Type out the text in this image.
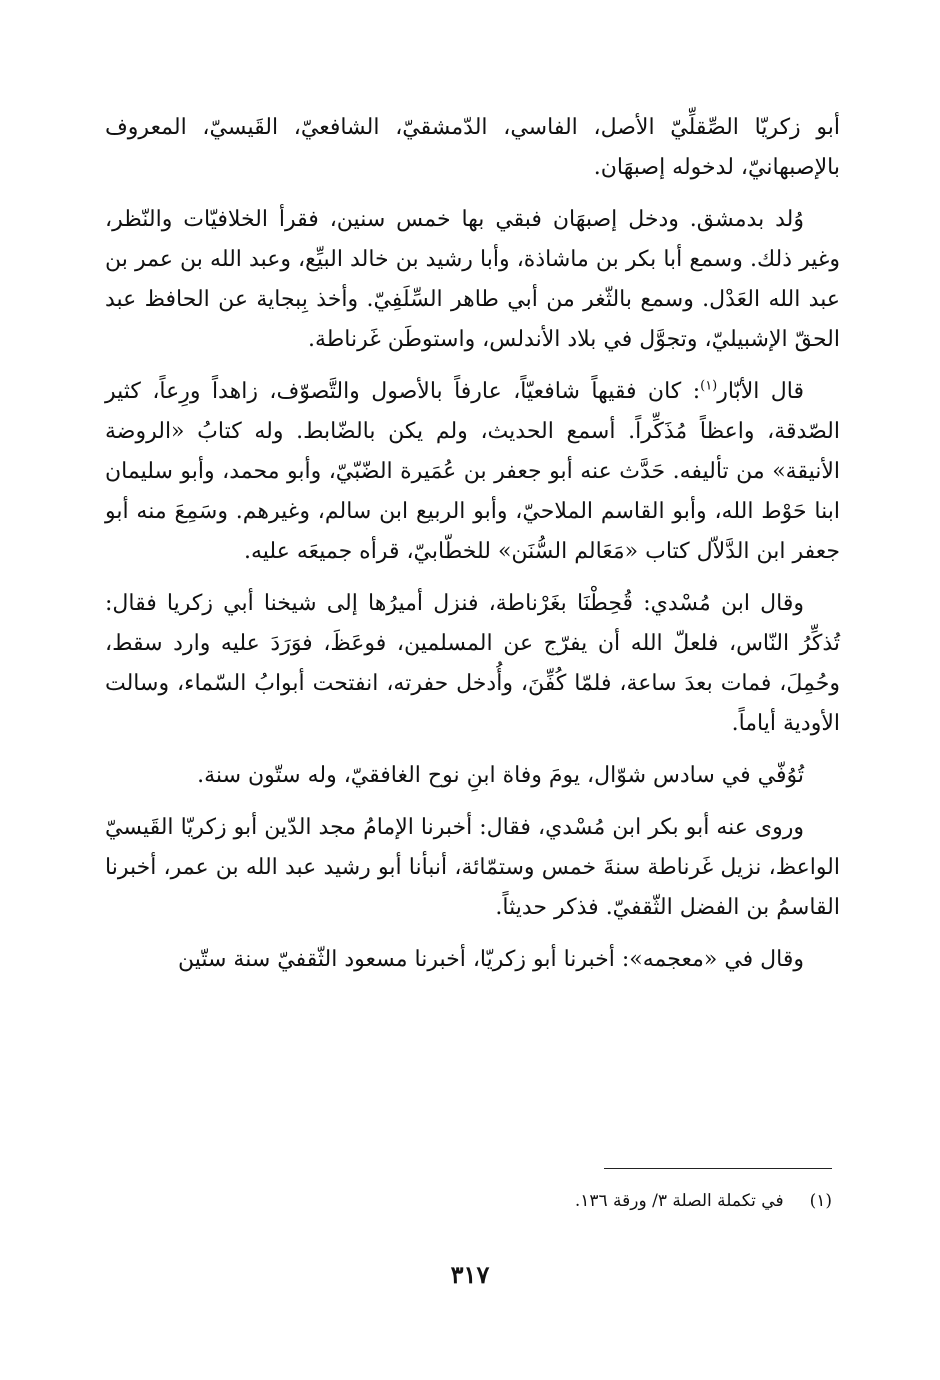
أبو زكريّا الصِّقلِّيّ الأصل، الفاسي، الدّمشقيّ، الشافعيّ، القَيسيّ، المعروف بالإصبهانيّ، لدخوله إصبهَان.

وُلد بدمشق. ودخل إصبهَان فبقي بها خمس سنين، فقرأ الخلافيّات والنّظر، وغير ذلك. وسمع أبا بكر بن ماشاذة، وأبا رشيد بن خالد البيِّع، وعبد الله بن عمر بن عبد الله العَدْل. وسمع بالثّغر من أبي طاهر السِّلَفِيّ. وأخذ بِبجاية عن الحافظ عبد الحقّ الإشبيليّ، وتجوَّل في بلاد الأندلس، واستوطَن غَرناطة.

قال الأبّار$^{(١)}$: كان فقيهاً شافعيّاً، عارفاً بالأصول والتَّصوّف، زاهداً ورِعاً، كثير الصّدقة، واعظاً مُذَكِّراً. أسمع الحديث، ولم يكن بالضّابط. وله كتابُ «الروضة الأنيقة» من تأليفه. حَدَّث عنه أبو جعفر بن عُمَيرة الضّبّيّ، وأبو محمد، وأبو سليمان ابنا حَوْط الله، وأبو القاسم الملاحيّ، وأبو الربيع ابن سالم، وغيرهم. وسَمِعَ منه أبو جعفر ابن الدَّلاّل كتاب «مَعَالم السُّنَن» للخطّابيّ، قرأه جميعَه عليه.

وقال ابن مُسْدي: قُحِطْنَا بغَرْناطة، فنزل أميرُها إلى شيخنا أبي زكريا فقال: تُذكِّرُ النّاس، فلعلّ الله أن يفرّج عن المسلمين، فوعَظَ، فوَرَدَ عليه وارد سقط، وحُمِلَ، فمات بعدَ ساعة، فلمّا كُفِّنَ، وأُدخل حفرته، انفتحت أبوابُ السّماء، وسالت الأودية أياماً.

تُوُفّي في سادس شوّال، يومَ وفاة ابنِ نوح الغافقيّ، وله ستّون سنة.

وروى عنه أبو بكر ابن مُسْدي، فقال: أخبرنا الإمامُ مجد الدّين أبو زكريّا القَيسيّ الواعظ، نزيل غَرناطة سنةَ خمس وستمّائة، أنبأنا أبو رشيد عبد الله بن عمر، أخبرنا القاسمُ بن الفضل الثّقفيّ. فذكر حديثاً.

وقال في «معجمه»: أخبرنا أبو زكريّا، أخبرنا مسعود الثّقفيّ سنة ستّين

(١)في تكملة الصلة ٣/ ورقة ١٣٦.
٣١٧
